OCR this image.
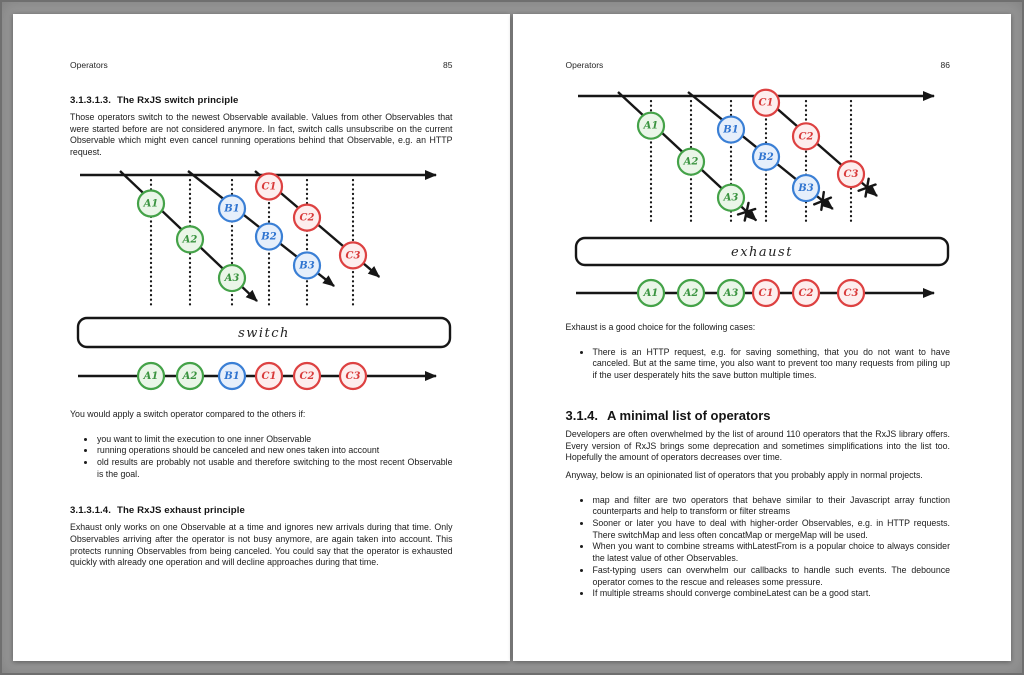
Operators	85
3.1.3.1.3. The RxJS switch principle

Those operators switch to the newest Observable available. Values from other Observables that were started before are not considered anymore. In fact, switch calls unsubscribe on the current Observable which might even cancel running operations behind that Observable, e.g. an HTTP request.

A1
A2
A3
B1
B2
B3
C1
C2
C3
switch
A1 A2	B1 C1 C2	C3

You would apply a switch operator compared to the others if:

• you want to limit the execution to one inner Observable
• running operations should be canceled and new ones taken into account
• old results are probably not usable and therefore switching to the most recent Observable is the goal.
3.1.3.1.4. The RxJS exhaust principle

Exhaust only works on one Observable at a time and ignores new arrivals during that time. Only Observables arriving after the operator is not busy anymore, are again taken into account. This protects running Observables from being canceled. You could say that the operator is exhausted quickly with already one operation and will decline approaches during that time.

Operators	86
A1
A2
A3
B1
B2
B3
C1
C2
C3
exhaust
A1	A2	A3 C1	C2	C3

Exhaust is a good choice for the following cases:

• There is an HTTP request, e.g. for saving something, that you do not want to have canceled. But at the same time, you also want to prevent too many requests from piling up if the user desperately hits the save button multiple times.
3.1.4. A minimal list of operators

Developers are often overwhelmed by the list of around 110 operators that the RxJS library offers. Every version of RxJS brings some deprecation and sometimes simplifications into the list too. Hopefully the amount of operators decreases over time.

Anyway, below is an opinionated list of operators that you probably apply in normal projects.

• map and filter are two operators that behave similar to their Javascript array function counterparts and help to transform or filter streams
• Sooner or later you have to deal with higher-order Observables, e.g. in HTTP requests. There switchMap and less often concatMap or mergeMap will be used.
• When you want to combine streams withLatestFrom is a popular choice to always consider the latest value of other Observables.
• Fast-typing users can overwhelm our callbacks to handle such events. The debounce operator comes to the rescue and releases some pressure.
• If multiple streams should converge combineLatest can be a good start.
